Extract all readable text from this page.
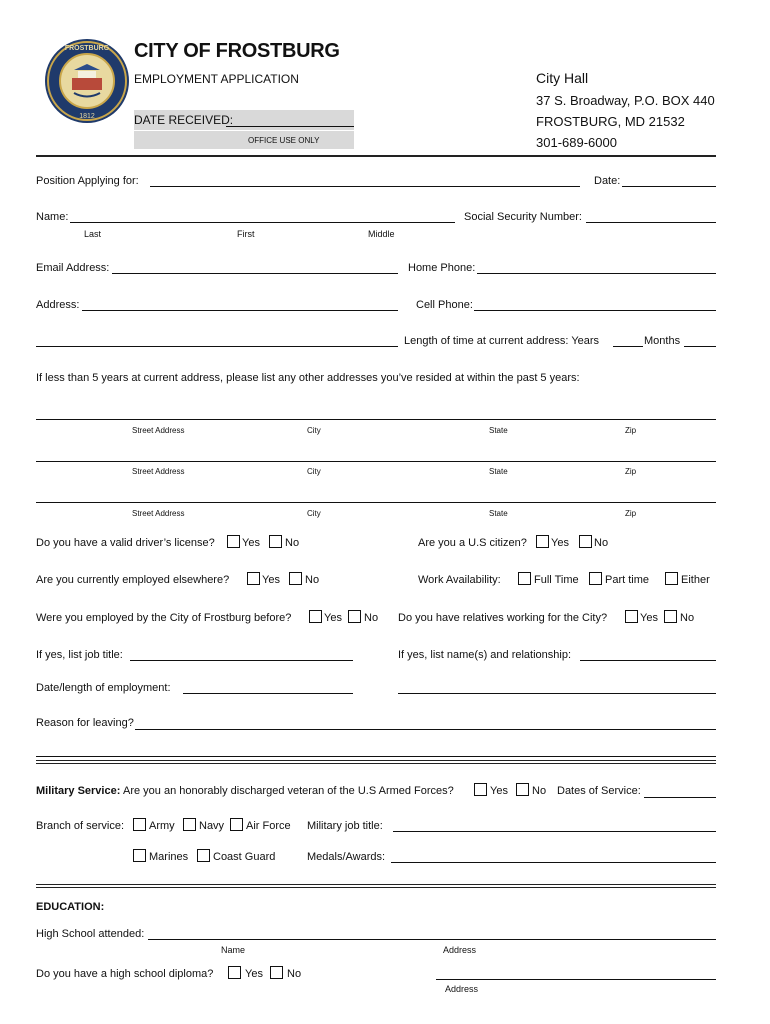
FROSTBURG
1812
CITY OF FROSTBURG
EMPLOYMENT APPLICATION
DATE RECEIVED:
OFFICE USE ONLY
City Hall
37 S. Broadway, P.O. BOX 440
FROSTBURG, MD 21532
301-689-6000
Position Applying for:	Date:
Name:	Social Security Number:
Last	First	Middle
Email Address:	Home Phone:
Address:	Cell Phone:
Length of time at current address: Years	Months
If less than 5 years at current address, please list any other addresses you’ve resided at within the past 5 years:
Street Address	City	State	Zip
Street Address	City	State	Zip
Street Address	City	State	Zip
Do you have a valid driver’s license? Yes No	Are you a U.S citizen? Yes No
Are you currently employed elsewhere?	Yes No	Work Availability:	Full Time Part time	Either
Were you employed by the City of Frostburg before?	Yes No Do you have relatives working for the City?	Yes No
If yes, list job title:	If yes, list name(s) and relationship:
Date/length of employment:
Reason for leaving?
Military Service: Are you an honorably discharged veteran of the U.S Armed Forces?	Yes No Dates of Service:
Branch of service: Army Navy Air Force Military job title:
Marines Coast Guard	Medals/Awards:
EDUCATION:
High School attended:
Name	Address
Do you have a high school diploma?	Yes No
Address
